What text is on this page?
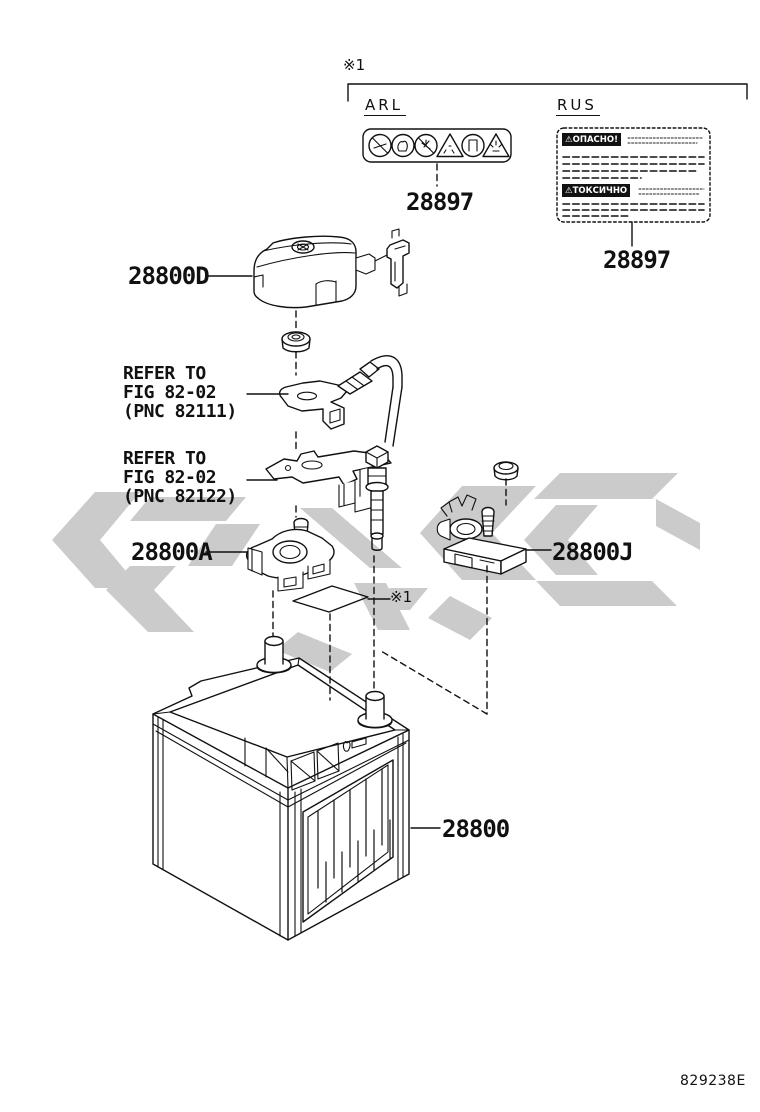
※1
ARL	RUS
⚠ОПАСНО!
⚠ТОКСИЧНО
28897
28897
28800D
REFER TO
FIG 82-02
(PNC 82111)
REFER TO
FIG 82-02
(PNC 82122)
28800A	28800J
※1
28800
829238E
